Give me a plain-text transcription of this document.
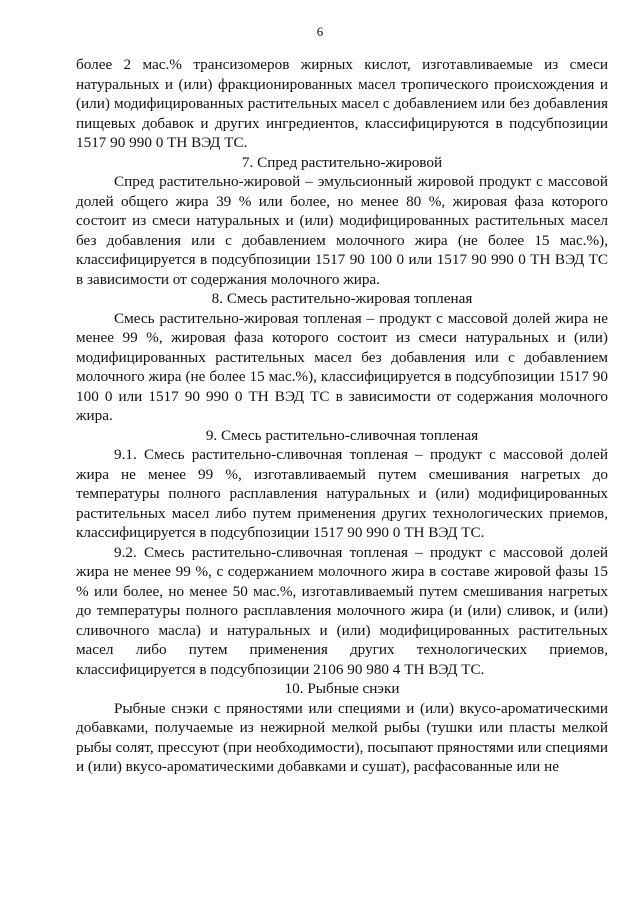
6

более 2 мас.% трансизомеров жирных кислот, изготавливаемые из смеси натуральных и (или) фракционированных масел тропического происхождения и (или) модифицированных растительных масел с добавлением или без добавления пищевых добавок и других ингредиентов, классифицируются в подсубпозиции 1517 90 990 0 ТН ВЭД ТС.

7. Спред растительно-жировой

Спред растительно-жировой – эмульсионный жировой продукт с массовой долей общего жира 39 % или более, но менее 80 %, жировая фаза которого состоит из смеси натуральных и (или) модифицированных растительных масел без добавления или с добавлением молочного жира (не более 15 мас.%), классифицируется в подсубпозиции 1517 90 100 0 или 1517 90 990 0 ТН ВЭД ТС в зависимости от содержания молочного жира.

8. Смесь растительно-жировая топленая

Смесь растительно-жировая топленая – продукт с массовой долей жира не менее 99 %, жировая фаза которого состоит из смеси натуральных и (или) модифицированных растительных масел без добавления или с добавлением молочного жира (не более 15 мас.%), классифицируется в подсубпозиции 1517 90 100 0 или 1517 90 990 0 ТН ВЭД ТС в зависимости от содержания молочного жира.

9. Смесь растительно-сливочная топленая

9.1. Смесь растительно-сливочная топленая – продукт с массовой долей жира не менее 99 %, изготавливаемый путем смешивания нагретых до температуры полного расплавления натуральных и (или) модифицированных растительных масел либо путем применения других технологических приемов, классифицируется в подсубпозиции 1517 90 990 0 ТН ВЭД ТС.

9.2. Смесь растительно-сливочная топленая – продукт с массовой долей жира не менее 99 %, с содержанием молочного жира в составе жировой фазы 15 % или более, но менее 50 мас.%, изготавливаемый путем смешивания нагретых до температуры полного расплавления молочного жира (и (или) сливок, и (или) сливочного масла) и натуральных и (или) модифицированных растительных масел либо путем применения других технологических приемов, классифицируется в подсубпозиции 2106 90 980 4 ТН ВЭД ТС.

10. Рыбные снэки

Рыбные снэки с пряностями или специями и (или) вкусо-ароматическими добавками, получаемые из нежирной мелкой рыбы (тушки или пласты мелкой рыбы солят, прессуют (при необходимости), посыпают пряностями или специями и (или) вкусо-ароматическими добавками и сушат), расфасованные или не
